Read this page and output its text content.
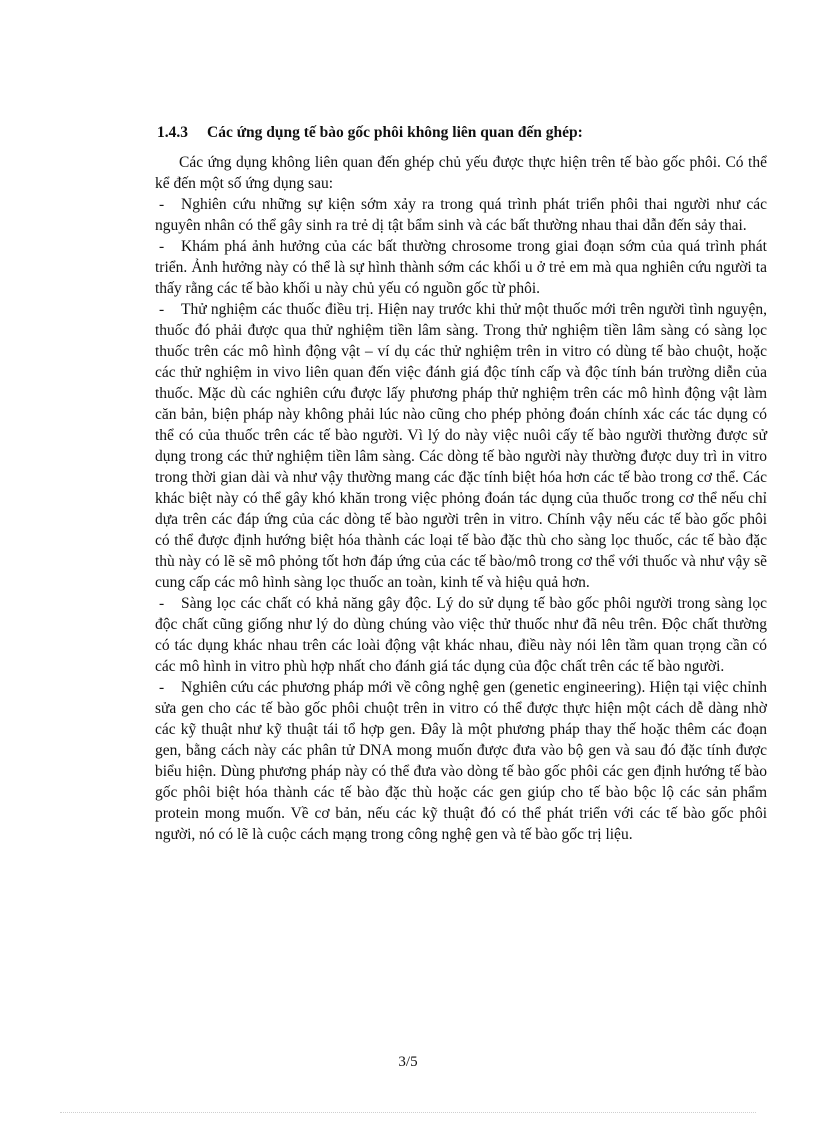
1.4.3 Các ứng dụng tế bào gốc phôi không liên quan đến ghép:

Các ứng dụng không liên quan đến ghép chủ yếu được thực hiện trên tế bào gốc phôi. Có thể kể đến một số ứng dụng sau:

- Nghiên cứu những sự kiện sớm xảy ra trong quá trình phát triển phôi thai người như các nguyên nhân có thể gây sinh ra trẻ dị tật bẩm sinh và các bất thường nhau thai dẫn đến sảy thai.

- Khám phá ảnh hưởng của các bất thường chrosome trong giai đoạn sớm của quá trình phát triển. Ảnh hưởng này có thể là sự hình thành sớm các khối u ở trẻ em mà qua nghiên cứu người ta thấy rằng các tế bào khối u này chủ yếu có nguồn gốc từ phôi.

- Thử nghiệm các thuốc điều trị. Hiện nay trước khi thử một thuốc mới trên người tình nguyện, thuốc đó phải được qua thử nghiệm tiền lâm sàng. Trong thử nghiệm tiền lâm sàng có sàng lọc thuốc trên các mô hình động vật – ví dụ các thử nghiệm trên in vitro có dùng tế bào chuột, hoặc các thử nghiệm in vivo liên quan đến việc đánh giá độc tính cấp và độc tính bán trường diễn của thuốc. Mặc dù các nghiên cứu được lấy phương pháp thử nghiệm trên các mô hình động vật làm căn bản, biện pháp này không phải lúc nào cũng cho phép phỏng đoán chính xác các tác dụng có thể có của thuốc trên các tế bào người. Vì lý do này việc nuôi cấy tế bào người thường được sử dụng trong các thử nghiệm tiền lâm sàng. Các dòng tế bào người này thường được duy trì in vitro trong thời gian dài và như vậy thường mang các đặc tính biệt hóa hơn các tế bào trong cơ thể. Các khác biệt này có thể gây khó khăn trong việc phỏng đoán tác dụng của thuốc trong cơ thể nếu chỉ dựa trên các đáp ứng của các dòng tế bào người trên in vitro. Chính vậy nếu các tế bào gốc phôi có thể được định hướng biệt hóa thành các loại tế bào đặc thù cho sàng lọc thuốc, các tế bào đặc thù này có lẽ sẽ mô phỏng tốt hơn đáp ứng của các tế bào/mô trong cơ thể với thuốc và như vậy sẽ cung cấp các mô hình sàng lọc thuốc an toàn, kinh tế và hiệu quả hơn.

- Sàng lọc các chất có khả năng gây độc. Lý do sử dụng tế bào gốc phôi người trong sàng lọc độc chất cũng giống như lý do dùng chúng vào việc thử thuốc như đã nêu trên. Độc chất thường có tác dụng khác nhau trên các loài động vật khác nhau, điều này nói lên tầm quan trọng cần có các mô hình in vitro phù hợp nhất cho đánh giá tác dụng của độc chất trên các tế bào người.

- Nghiên cứu các phương pháp mới về công nghệ gen (genetic engineering). Hiện tại việc chỉnh sửa gen cho các tế bào gốc phôi chuột trên in vitro có thể được thực hiện một cách dễ dàng nhờ các kỹ thuật như kỹ thuật tái tổ hợp gen. Đây là một phương pháp thay thế hoặc thêm các đoạn gen, bằng cách này các phân tử DNA mong muốn được đưa vào bộ gen và sau đó đặc tính được biểu hiện. Dùng phương pháp này có thể đưa vào dòng tế bào gốc phôi các gen định hướng tế bào gốc phôi biệt hóa thành các tế bào đặc thù hoặc các gen giúp cho tế bào bộc lộ các sản phẩm protein mong muốn. Về cơ bản, nếu các kỹ thuật đó có thể phát triển với các tế bào gốc phôi người, nó có lẽ là cuộc cách mạng trong công nghệ gen và tế bào gốc trị liệu.

3/5
